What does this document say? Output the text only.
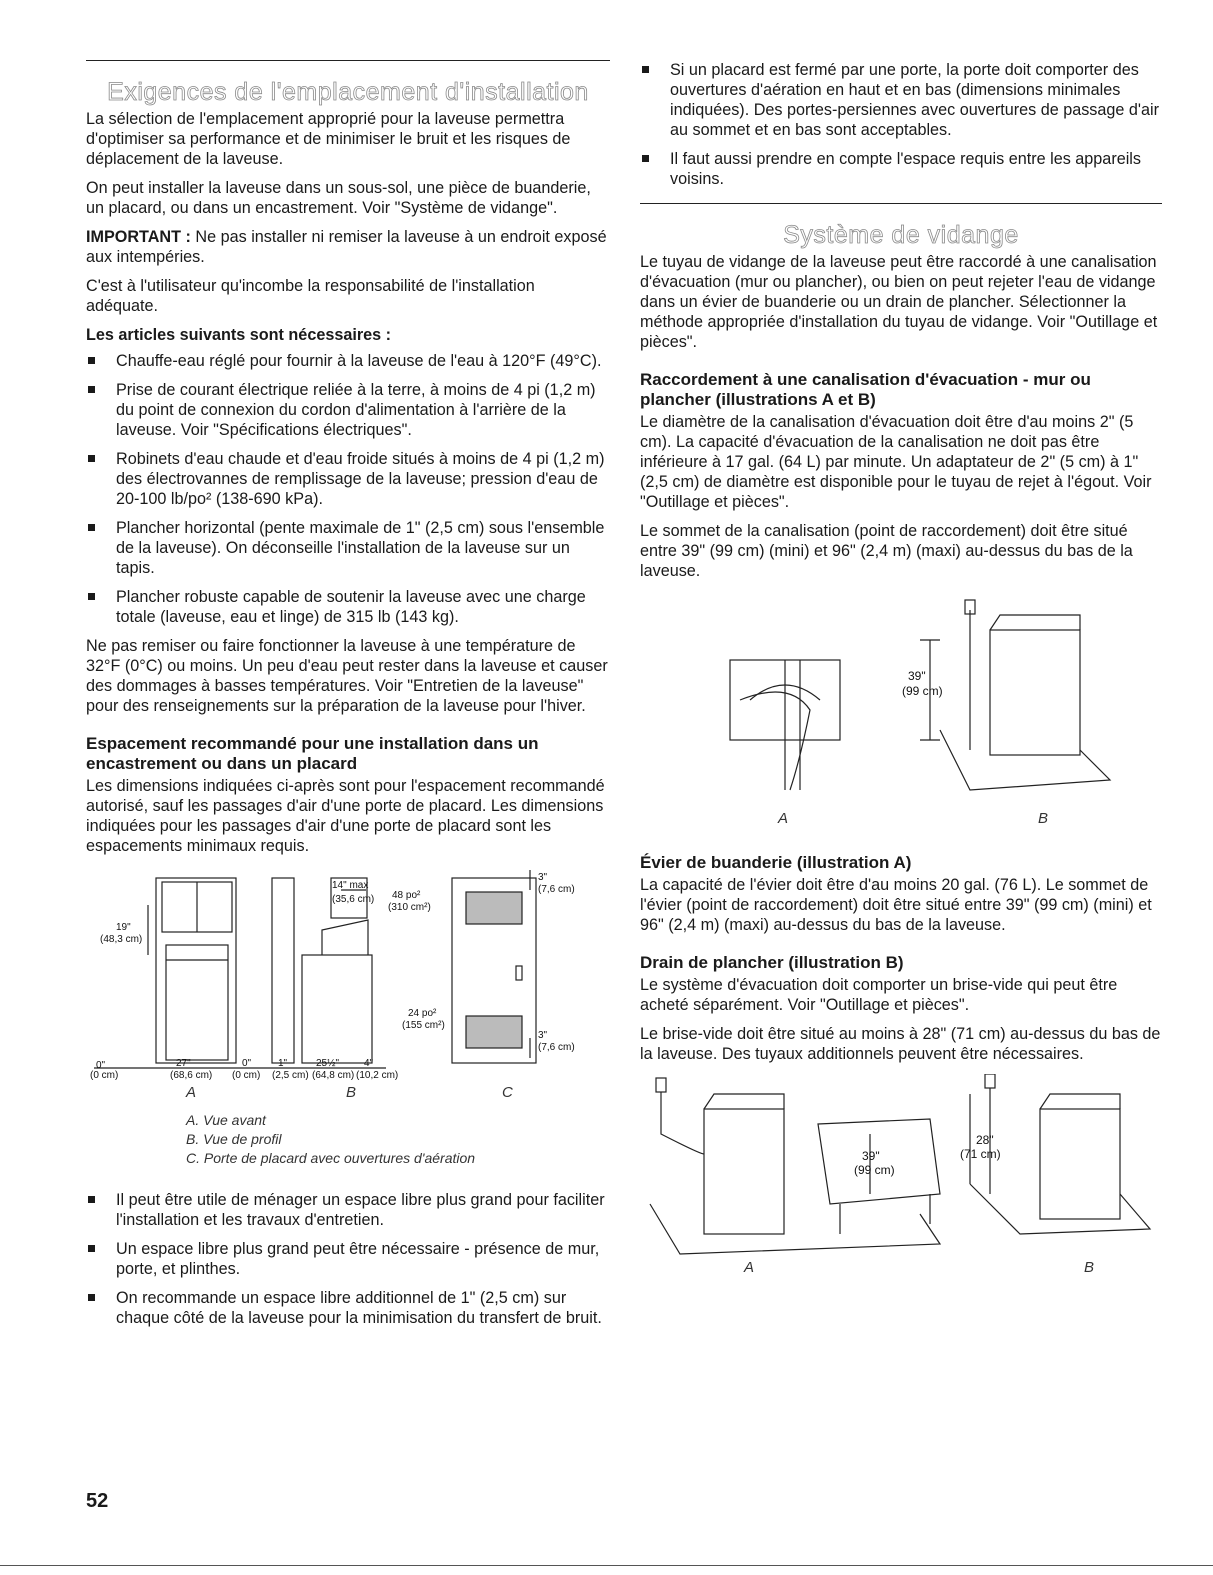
Exigences de l'emplacement d'installation

La sélection de l'emplacement approprié pour la laveuse permettra d'optimiser sa performance et de minimiser le bruit et les risques de déplacement de la laveuse.

On peut installer la laveuse dans un sous-sol, une pièce de buanderie, un placard, ou dans un encastrement. Voir "Système de vidange".

IMPORTANT : Ne pas installer ni remiser la laveuse à un endroit exposé aux intempéries.

C'est à l'utilisateur qu'incombe la responsabilité de l'installation adéquate.

Les articles suivants sont nécessaires :

Chauffe-eau réglé pour fournir à la laveuse de l'eau à 120°F (49°C).
Prise de courant électrique reliée à la terre, à moins de 4 pi (1,2 m) du point de connexion du cordon d'alimentation à l'arrière de la laveuse. Voir "Spécifications électriques".
Robinets d'eau chaude et d'eau froide situés à moins de 4 pi (1,2 m) des électrovannes de remplissage de la laveuse; pression d'eau de 20-100 lb/po² (138-690 kPa).
Plancher horizontal (pente maximale de 1" (2,5 cm) sous l'ensemble de la laveuse). On déconseille l'installation de la laveuse sur un tapis.
Plancher robuste capable de soutenir la laveuse avec une charge totale (laveuse, eau et linge) de 315 lb (143 kg).

Ne pas remiser ou faire fonctionner la laveuse à une température de 32°F (0°C) ou moins. Un peu d'eau peut rester dans la laveuse et causer des dommages à basses températures. Voir "Entretien de la laveuse" pour des renseignements sur la préparation de la laveuse pour l'hiver.

Espacement recommandé pour une installation dans un encastrement ou dans un placard

Les dimensions indiquées ci-après sont pour l'espacement recommandé autorisé, sauf les passages d'air d'une porte de placard. Les dimensions indiquées pour les passages d'air d'une porte de placard sont les espacements minimaux requis.

19"
(48,3 cm)
0"
(0 cm)
27"
(68,6 cm)
0"
(0 cm)
1"
(2,5 cm)
25½"
(64,8 cm)
4"
(10,2 cm)
14" max
(35,6 cm) 48 po²
(310 cm²)
24 po²
(155 cm²)
3"
(7,6 cm)
3"
(7,6 cm)
A	B	C
A. Vue avant
B. Vue de profil
C. Porte de placard avec ouvertures d'aération
Il peut être utile de ménager un espace libre plus grand pour faciliter l'installation et les travaux d'entretien.
Un espace libre plus grand peut être nécessaire - présence de mur, porte, et plinthes.
On recommande un espace libre additionnel de 1" (2,5 cm) sur chaque côté de la laveuse pour la minimisation du transfert de bruit.
Si un placard est fermé par une porte, la porte doit comporter des ouvertures d'aération en haut et en bas (dimensions minimales indiquées). Des portes-persiennes avec ouvertures de passage d'air au sommet et en bas sont acceptables.
Il faut aussi prendre en compte l'espace requis entre les appareils voisins.
Système de vidange

Le tuyau de vidange de la laveuse peut être raccordé à une canalisation d'évacuation (mur ou plancher), ou bien on peut rejeter l'eau de vidange dans un évier de buanderie ou un drain de plancher. Sélectionner la méthode appropriée d'installation du tuyau de vidange. Voir "Outillage et pièces".

Raccordement à une canalisation d'évacuation - mur ou plancher (illustrations A et B)

Le diamètre de la canalisation d'évacuation doit être d'au moins 2" (5 cm). La capacité d'évacuation de la canalisation ne doit pas être inférieure à 17 gal. (64 L) par minute. Un adaptateur de 2" (5 cm) à 1" (2,5 cm) de diamètre est disponible pour le tuyau de rejet à l'égout. Voir "Outillage et pièces".

Le sommet de la canalisation (point de raccordement) doit être situé entre 39" (99 cm) (mini) et 96" (2,4 m) (maxi) au-dessus du bas de la laveuse.

39"
(99 cm)
A	B
Évier de buanderie (illustration A)

La capacité de l'évier doit être d'au moins 20 gal. (76 L). Le sommet de l'évier (point de raccordement) doit être situé entre 39" (99 cm) (mini) et 96" (2,4 m) (maxi) au-dessus du bas de la laveuse.

Drain de plancher (illustration B)

Le système d'évacuation doit comporter un brise-vide qui peut être acheté séparément. Voir "Outillage et pièces".

Le brise-vide doit être situé au moins à 28" (71 cm) au-dessus du bas de la laveuse. Des tuyaux additionnels peuvent être nécessaires.

39"
(99 cm)
28"
(71 cm)
A	B
52
